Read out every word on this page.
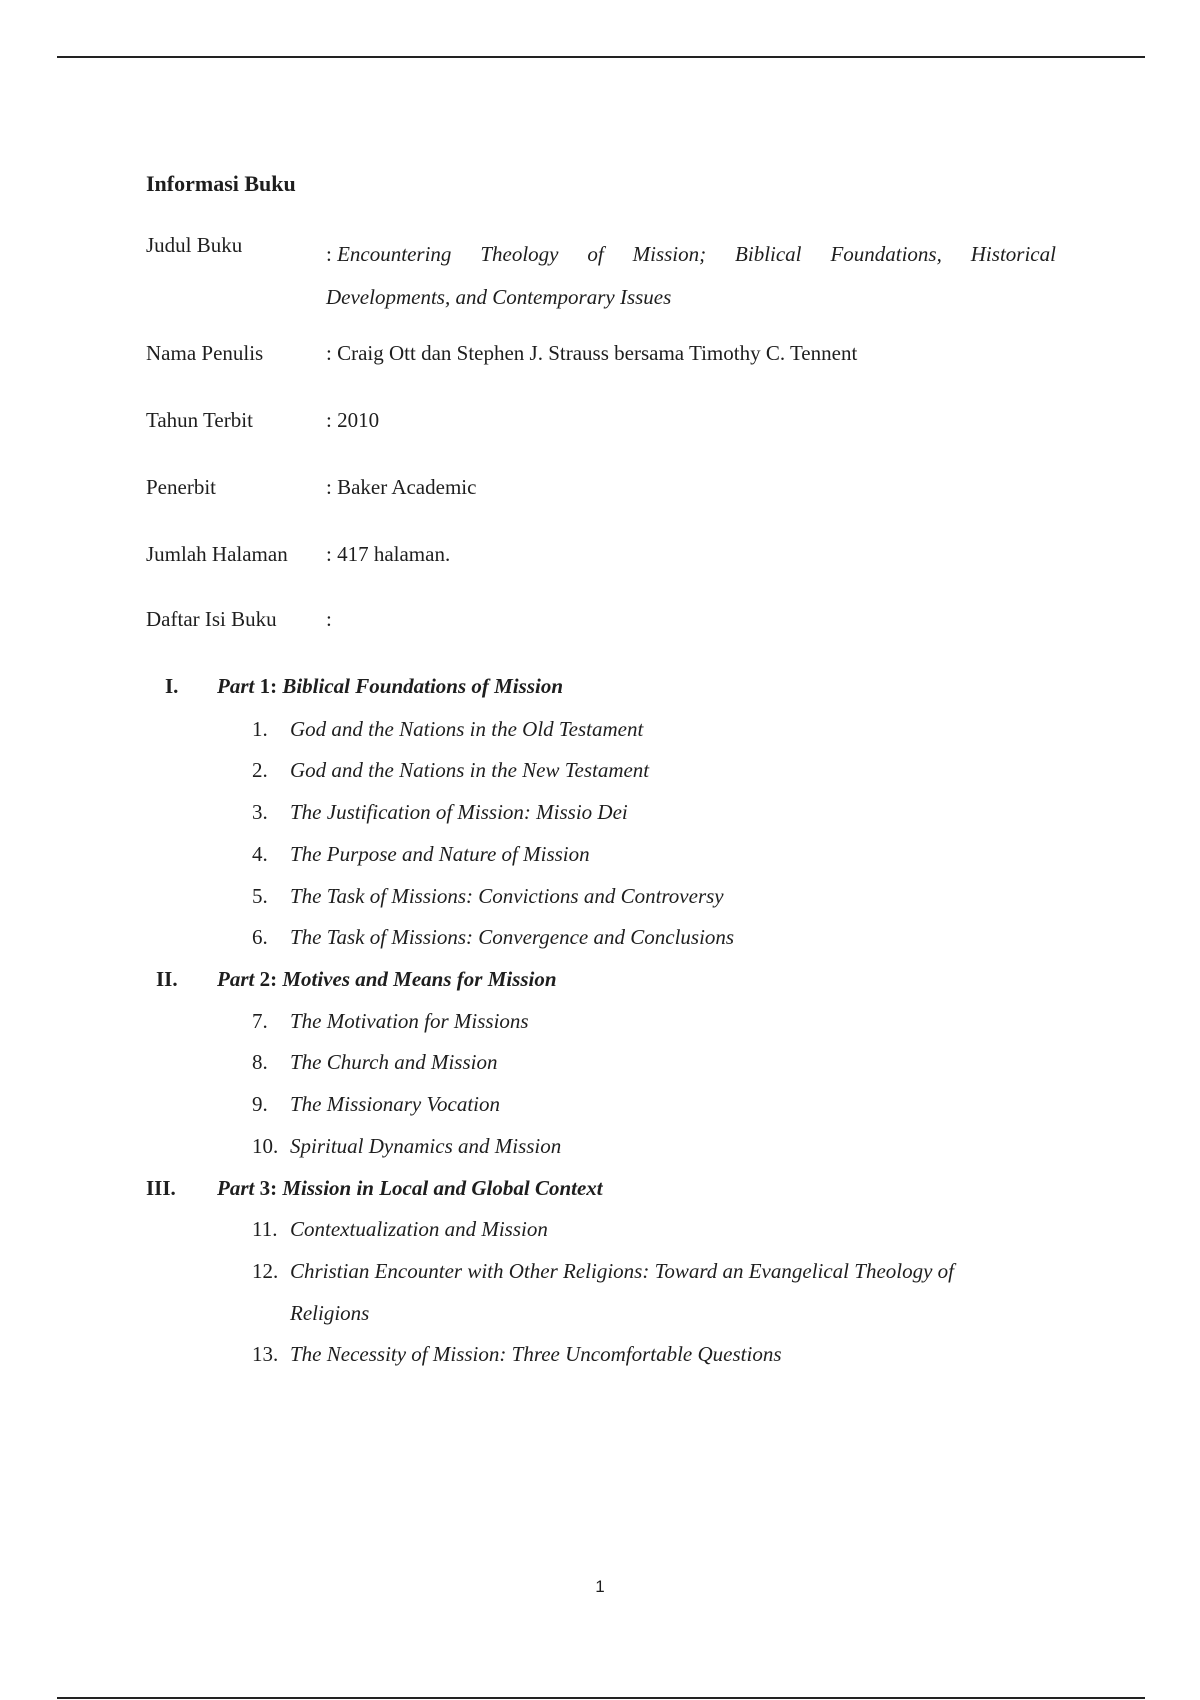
Informasi Buku
Judul Buku	: Encountering Theology of Mission; Biblical Foundations, Historical
Developments, and Contemporary Issues
Nama Penulis	: Craig Ott dan Stephen J. Strauss bersama Timothy C. Tennent
Tahun Terbit	: 2010
Penerbit	: Baker Academic
Jumlah Halaman : 417 halaman.
Daftar Isi Buku :
I. Part 1: Biblical Foundations of Mission
1. God and the Nations in the Old Testament
2. God and the Nations in the New Testament
3. The Justification of Mission: Missio Dei
4. The Purpose and Nature of Mission
5. The Task of Missions: Convictions and Controversy
6. The Task of Missions: Convergence and Conclusions
II. Part 2: Motives and Means for Mission
7. The Motivation for Missions
8. The Church and Mission
9. The Missionary Vocation
10. Spiritual Dynamics and Mission
III. Part 3: Mission in Local and Global Context
11. Contextualization and Mission
12. Christian Encounter with Other Religions: Toward an Evangelical Theology of
Religions
13. The Necessity of Mission: Three Uncomfortable Questions
1
